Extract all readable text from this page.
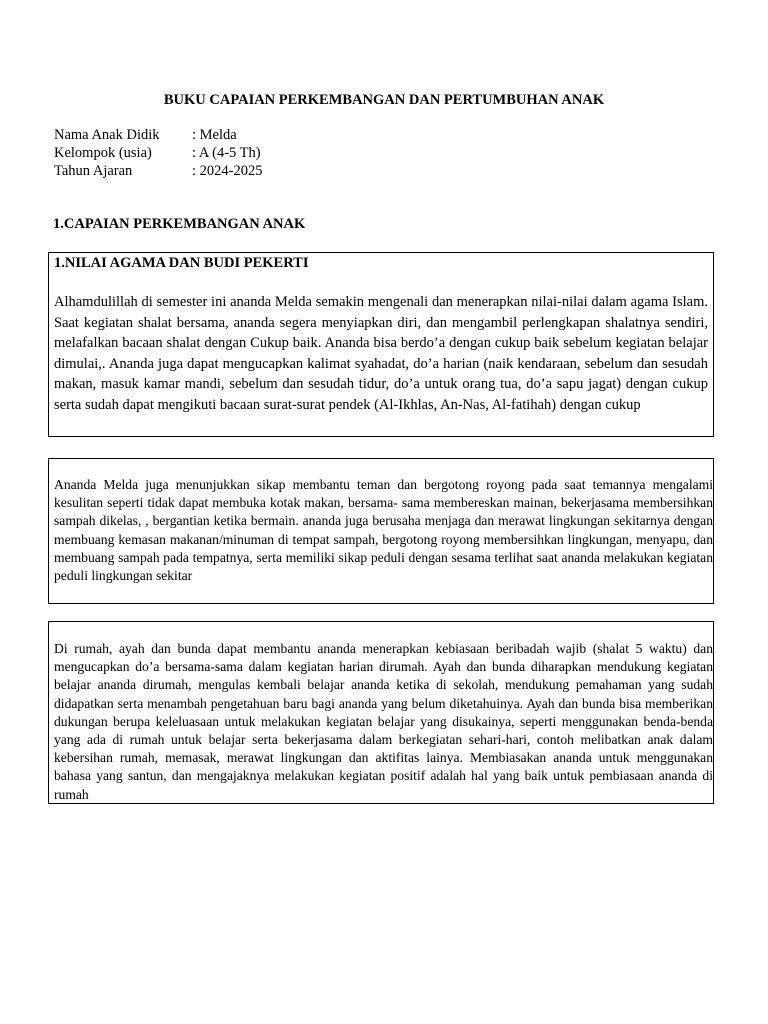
BUKU CAPAIAN PERKEMBANGAN DAN PERTUMBUHAN ANAK
Nama Anak Didik	: Melda
Kelompok (usia)	: A (4-5 Th)
Tahun Ajaran	: 2024-2025
1.CAPAIAN PERKEMBANGAN ANAK
1.NILAI AGAMA DAN BUDI PEKERTI
Alhamdulillah di semester ini ananda Melda semakin mengenali dan menerapkan nilai-nilai dalam agama Islam. Saat kegiatan shalat bersama, ananda segera menyiapkan diri, dan mengambil perlengkapan shalatnya sendiri, melafalkan bacaan shalat dengan Cukup baik. Ananda bisa berdo’a dengan cukup baik sebelum kegiatan belajar dimulai,. Ananda juga dapat mengucapkan kalimat syahadat, do’a harian (naik kendaraan, sebelum dan sesudah makan, masuk kamar mandi, sebelum dan sesudah tidur, do’a untuk orang tua, do’a sapu jagat) dengan cukup serta sudah dapat mengikuti bacaan surat-surat pendek (Al-Ikhlas, An-Nas, Al-fatihah) dengan cukup
Ananda Melda juga menunjukkan sikap membantu teman dan bergotong royong pada saat temannya mengalami kesulitan seperti tidak dapat membuka kotak makan, bersama- sama membereskan mainan, bekerjasama membersihkan sampah dikelas, , bergantian ketika bermain. ananda juga berusaha menjaga dan merawat lingkungan sekitarnya dengan membuang kemasan makanan/minuman di tempat sampah, bergotong royong membersihkan lingkungan, menyapu, dan membuang sampah pada tempatnya, serta memiliki sikap peduli dengan sesama terlihat saat ananda melakukan kegiatan peduli lingkungan sekitar
Di rumah, ayah dan bunda dapat membantu ananda menerapkan kebiasaan beribadah wajib (shalat 5 waktu) dan mengucapkan do’a bersama-sama dalam kegiatan harian dirumah. Ayah dan bunda diharapkan mendukung kegiatan belajar ananda dirumah, mengulas kembali belajar ananda ketika di sekolah, mendukung pemahaman yang sudah didapatkan serta menambah pengetahuan baru bagi ananda yang belum diketahuinya. Ayah dan bunda bisa memberikan dukungan berupa keleluasaan untuk melakukan kegiatan belajar yang disukainya, seperti menggunakan benda-benda yang ada di rumah untuk belajar serta bekerjasama dalam berkegiatan sehari-hari, contoh melibatkan anak dalam kebersihan rumah, memasak, merawat lingkungan dan aktifitas lainya. Membiasakan ananda untuk menggunakan bahasa yang santun, dan mengajaknya melakukan kegiatan positif adalah hal yang baik untuk pembiasaan ananda di rumah
